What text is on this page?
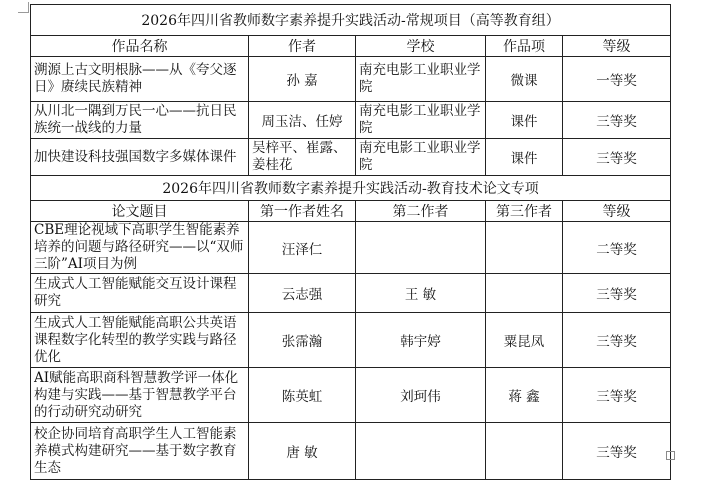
2026年四川省教师数字素养提升实践活动-常规项目（高等教育组）				
作品名称	作者	学校	作品项	等级
溯源上古文明根脉——从《夸父逐日》赓续民族精神	孙 嘉	南充电影工业职业学院	微课	一等奖
从川北一隅到万民一心——抗日民族统一战线的力量	周玉洁、任婷	南充电影工业职业学院	课件	三等奖
加快建设科技强国数字多媒体课件	吴梓平、崔露、姜桂花	南充电影工业职业学院	课件	三等奖
2026年四川省教师数字素养提升实践活动-教育技术论文专项				
论文题目	第一作者姓名	第二作者	第三作者	等级
CBE理论视域下高职学生智能素养培养的问题与路径研究——以“双师三阶”AI项目为例	汪泽仁			二等奖
生成式人工智能赋能交互设计课程研究	云志强	王 敏		三等奖
生成式人工智能赋能高职公共英语课程数字化转型的教学实践与路径优化	张霈瀚	韩宇婷	粟昆凤	三等奖
AI赋能高职商科智慧教学评一体化构建与实践——基于智慧教学平台的行动研究动研究	陈英虹	刘珂伟	蒋 鑫	三等奖
校企协同培育高职学生人工智能素养模式构建研究——基于数字教育生态	唐 敏			三等奖
